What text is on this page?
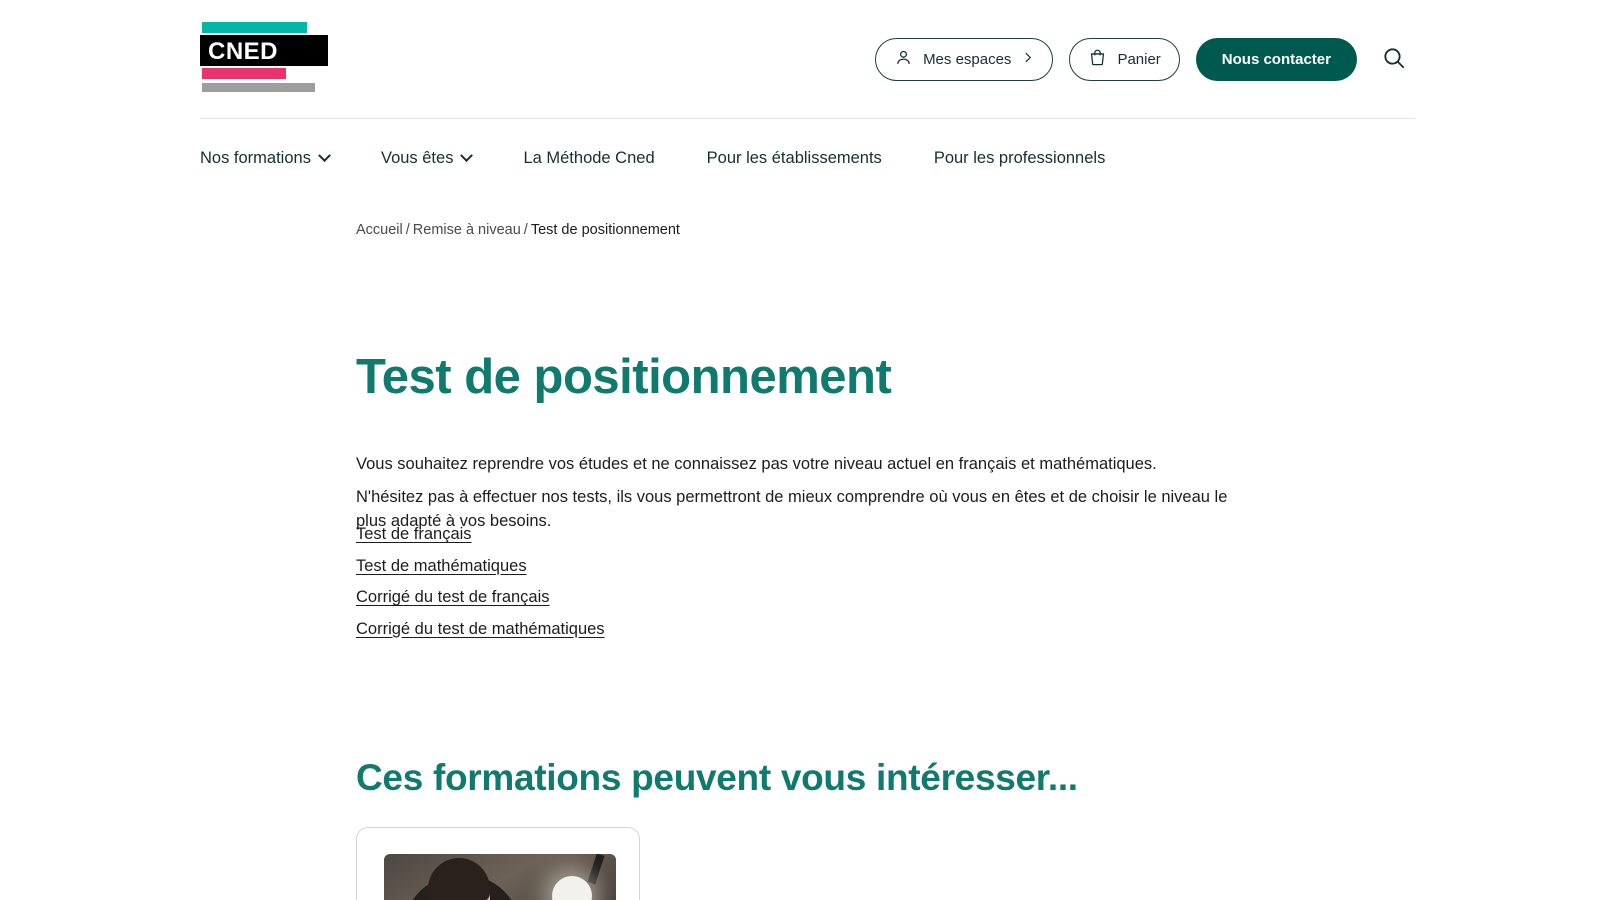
CNED	Mes espaces	Panier	Nous contacter
Nos formations	Vous êtes	La Méthode Cned	Pour les établissements	Pour les professionnels
Accueil / Remise à niveau / Test de positionnement
Test de positionnement

Vous souhaitez reprendre vos études et ne connaissez pas votre niveau actuel en français et mathématiques.

N'hésitez pas à effectuer nos tests, ils vous permettront de mieux comprendre où vous en êtes et de choisir le niveau le plus adapté à vos besoins.

Test de français
Test de mathématiques
Corrigé du test de français
Corrigé du test de mathématiques
Ces formations peuvent vous intéresser...
